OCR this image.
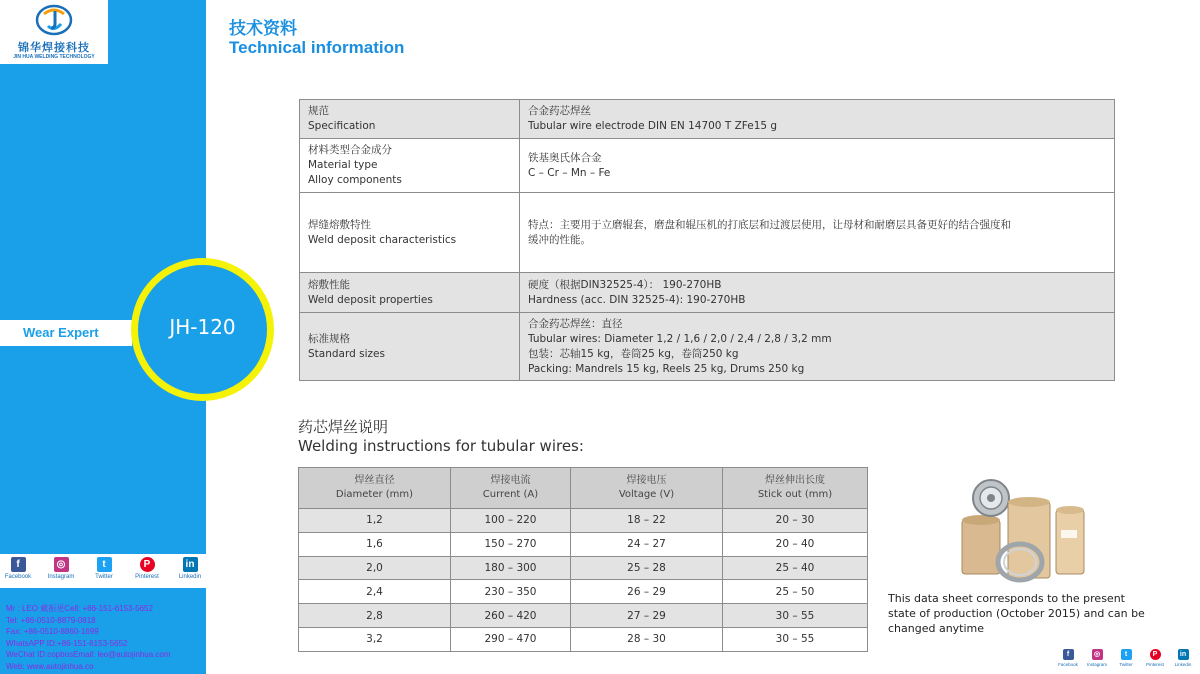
锦华焊接科技
JIN HUA WELDING TECHNOLOGY
Wear Expert	JH-120
f
Facebook
◎
Instagram
t
Twitter
P
Pinterest
in
Linkedin
Mr : LEO 戴振更Cell: +86-151-6153-5652
Tel: +86-0510-8879-0818
Fax: +86-0510-8860-1699
WhatsAPP ID:+86-151-6153-5652
WeChat ID:copbosEmail: leo@autojinhua.com
Web: www.autojinhua.co
技术资料
Technical information
规范
Specification	合金药芯焊丝
Tubular wire electrode DIN EN 14700 T ZFe15 g

材料类型合金成分
Material type
Alloy components	铁基奥氏体合金
C – Cr – Mn – Fe

焊缝熔敷特性
Weld deposit characteristics	特点：主要用于立磨辊套，磨盘和辊压机的打底层和过渡层使用，让母材和耐磨层具备更好的结合强度和
缓冲的性能。

熔敷性能
Weld deposit properties	硬度（根据DIN32525-4）： 190-270HB
Hardness (acc. DIN 32525-4): 190-270HB

标准规格
Standard sizes	合金药芯焊丝：直径
Tubular wires: Diameter 1,2 / 1,6 / 2,0 / 2,4 / 2,8 / 3,2 mm
包装：芯轴15 kg，卷筒25 kg，卷筒250 kg
Packing: Mandrels 15 kg, Reels 25 kg, Drums 250 kg
药芯焊丝说明
Welding instructions for tubular wires:
焊丝直径
Diameter (mm)	焊接电流
Current (A)	焊接电压
Voltage (V)	焊丝伸出长度
Stick out (mm)
1,2	100 – 220	18 – 22	20 – 30
1,6	150 – 270	24 – 27	20 – 40
2,0	180 – 300	25 – 28	25 – 40
2,4	230 – 350	26 – 29	25 – 50
2,8	260 – 420	27 – 29	30 – 55
3,2	290 – 470	28 – 30	30 – 55
This data sheet corresponds to the present
state of production (October 2015) and can be
changed anytime
f
Facebook
◎
Instagram
t
Twitter
P
Pinterest
in
Linkedin
